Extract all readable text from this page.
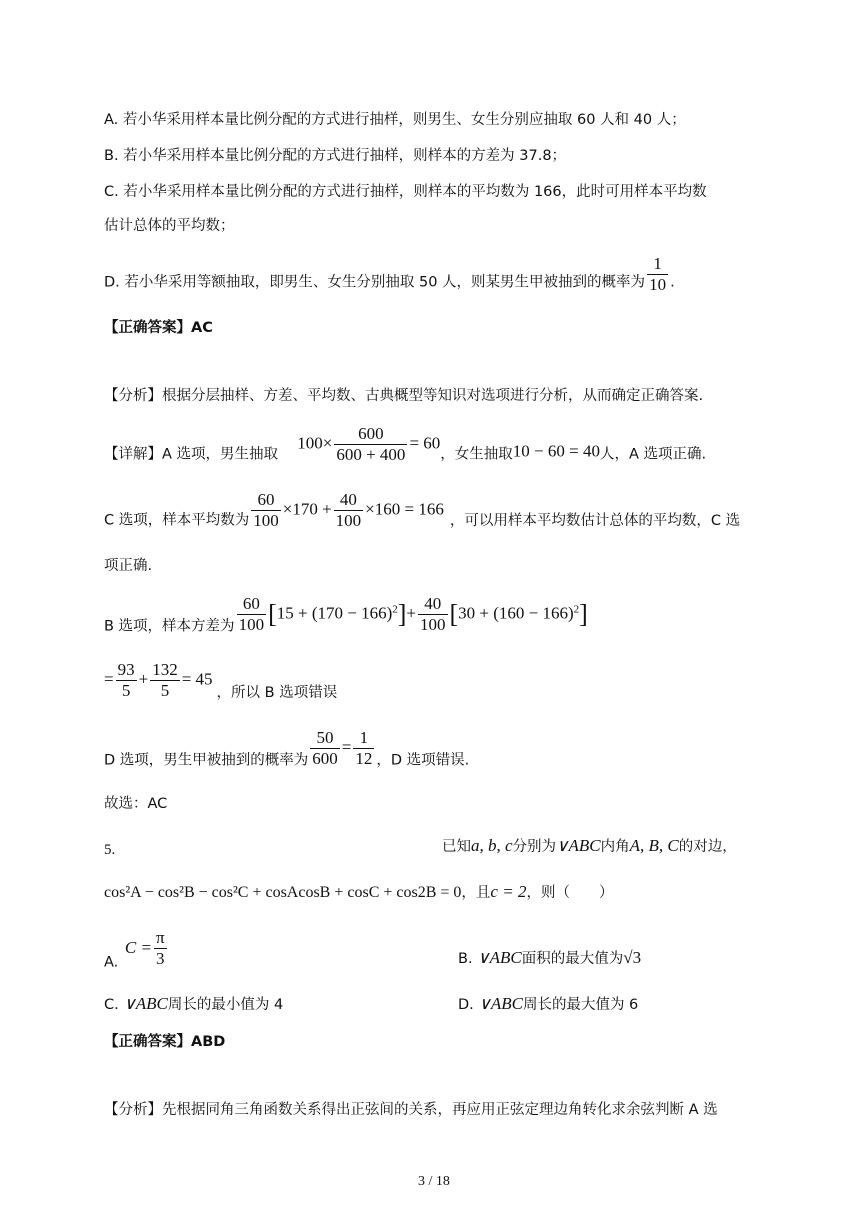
A. 若小华采用样本量比例分配的方式进行抽样，则男生、女生分别应抽取 60 人和 40 人；
B. 若小华采用样本量比例分配的方式进行抽样，则样本的方差为 37.8；
C. 若小华采用样本量比例分配的方式进行抽样，则样本的平均数为 166，此时可用样本平均数
估计总体的平均数；
D. 若小华采用等额抽取，即男生、女生分别抽取 50 人，则某男生甲被抽到的概率为 $\frac{1}{10}$ .
【正确答案】AC
【分析】根据分层抽样、方差、平均数、古典概型等知识对选项进行分析，从而确定正确答案.
【详解】A 选项，男生抽取  $100\times \frac{600}{600 + 400} = 60$，女生抽取10 − 60 = 40人，A 选项正确.
C 选项，样本平均数为 $\frac{60}{100} \times 170 + \frac{40}{100} \times 160 = 166$，可以用样本平均数估计总体的平均数，C 选
项正确.
B 选项，样本方差为 $\frac{60}{100} [15 + (170 - 166)^2]+ \frac{40}{100} [30 + (160 - 166)^2]$
= $\frac{93}{5} + \frac{132}{5} = 45$，所以 B 选项错误
D 选项，男生甲被抽到的概率为 $\frac{50}{600} = \frac{1}{12}$ ，D 选项错误.
故选：AC
5.	已知a, b, c分别为∨ABC内角A, B, C的对边，
cos²A − cos²B − cos²C + cosAcosB + cosC + cos2B = 0，且c = 2，则（　　）
A. $C = \frac{\pi}{3}$	B. ∨ABC面积的最大值为√3
C. ∨ABC周长的最小值为 4	D. ∨ABC周长的最大值为 6
【正确答案】ABD
【分析】先根据同角三角函数关系得出正弦间的关系，再应用正弦定理边角转化求余弦判断 A 选
3 / 18
